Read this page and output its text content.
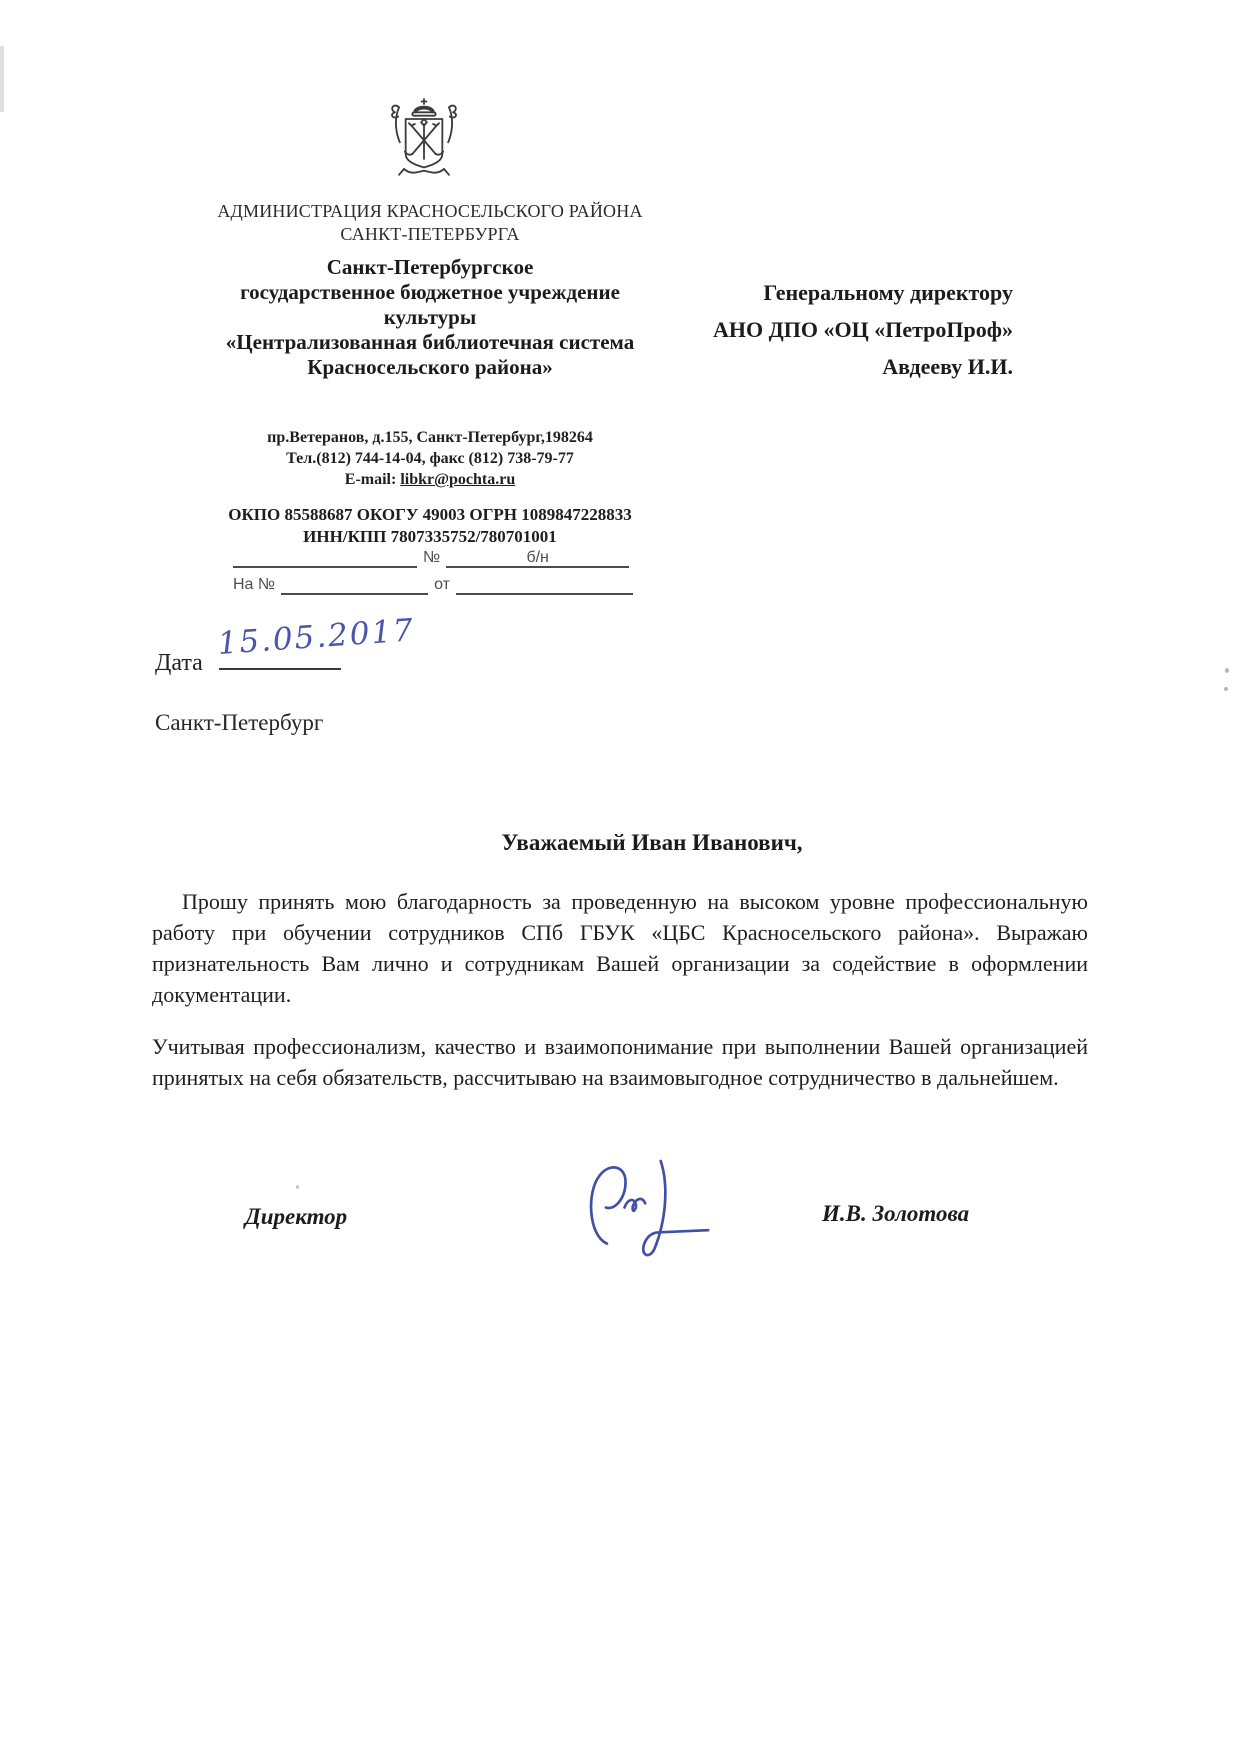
АДМИНИСТРАЦИЯ КРАСНОСЕЛЬСКОГО РАЙОНА
САНКТ-ПЕТЕРБУРГА
Санкт-Петербургское
государственное бюджетное учреждение
культуры
«Централизованная библиотечная система
Красносельского района»
пр.Ветеранов, д.155, Санкт-Петербург,198264
Тел.(812) 744-14-04, факс (812) 738-79-77
E-mail: libkr@pochta.ru
ОКПО 85588687 ОКОГУ 49003 ОГРН 1089847228833
ИНН/КПП 7807335752/780701001
№	б/н
На №	от
Генеральному директору
АНО ДПО «ОЦ «ПетроПроф»
Авдееву И.И.
Дата
15.05.2017
Санкт-Петербург
Уважаемый Иван Иванович,

Прошу принять мою благодарность за проведенную на высоком уровне профессиональную работу при обучении сотрудников СПб ГБУК «ЦБС Красносельского района». Выражаю признательность Вам лично и сотрудникам Вашей организации за содействие в оформлении документации.

Учитывая профессионализм, качество и взаимопонимание при выполнении Вашей организацией принятых на себя обязательств, рассчитываю на взаимовыгодное сотрудничество в дальнейшем.

Директор	И.В. Золотова
